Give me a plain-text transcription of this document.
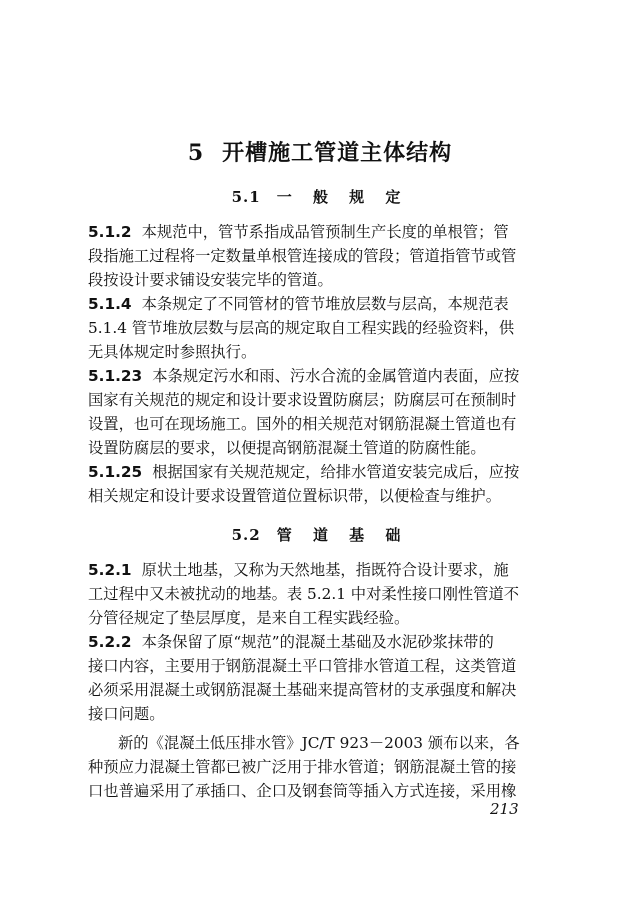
5 开槽施工管道主体结构
5.1 一 般 规 定
5.1.2 本规范中，管节系指成品管预制生产长度的单根管；管
段指施工过程将一定数量单根管连接成的管段；管道指管节或管
段按设计要求铺设安装完毕的管道。
5.1.4 本条规定了不同管材的管节堆放层数与层高，本规范表
5.1.4 管节堆放层数与层高的规定取自工程实践的经验资料，供
无具体规定时参照执行。
5.1.23 本条规定污水和雨、污水合流的金属管道内表面，应按
国家有关规范的规定和设计要求设置防腐层；防腐层可在预制时
设置，也可在现场施工。国外的相关规范对钢筋混凝土管道也有
设置防腐层的要求，以便提高钢筋混凝土管道的防腐性能。
5.1.25 根据国家有关规范规定，给排水管道安装完成后，应按
相关规定和设计要求设置管道位置标识带，以便检查与维护。
5.2 管 道 基 础
5.2.1 原状土地基，又称为天然地基，指既符合设计要求，施
工过程中又未被扰动的地基。表 5.2.1 中对柔性接口刚性管道不
分管径规定了垫层厚度，是来自工程实践经验。
5.2.2 本条保留了原“规范”的混凝土基础及水泥砂浆抹带的
接口内容，主要用于钢筋混凝土平口管排水管道工程，这类管道
必须采用混凝土或钢筋混凝土基础来提高管材的支承强度和解决
接口问题。
新的《混凝土低压排水管》JC/T 923－2003 颁布以来，各
种预应力混凝土管都已被广泛用于排水管道；钢筋混凝土管的接
口也普遍采用了承插口、企口及钢套筒等插入方式连接，采用橡
213
